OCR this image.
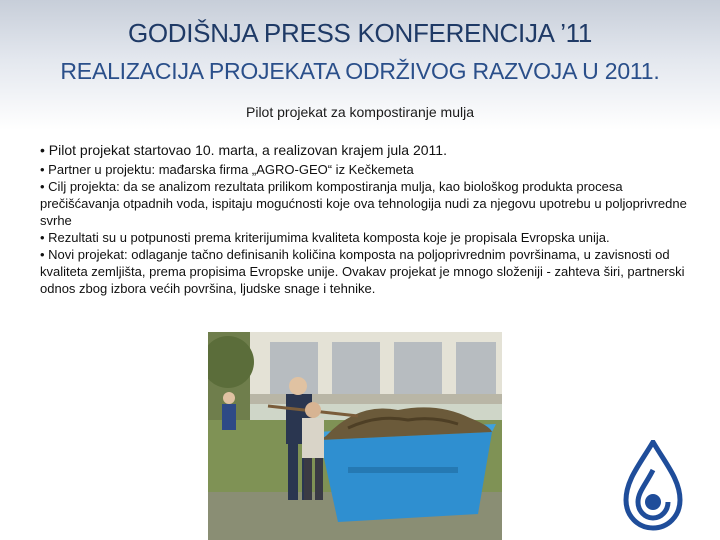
GODIŠNJA PRESS KONFERENCIJA ’11
REALIZACIJA PROJEKATA ODRŽIVOG RAZVOJA U 2011.
Pilot projekat za kompostiranje mulja

• Pilot projekat startovao 10. marta, a realizovan krajem jula 2011.

• Partner u projektu: mađarska firma „AGRO-GEO“ iz Kečkemeta

• Cilj projekta: da se analizom rezultata prilikom kompostiranja mulja, kao biološkog produkta procesa prečišćavanja otpadnih voda, ispitaju mogućnosti koje ova tehnologija nudi za njegovu upotrebu u poljoprivredne svrhe

• Rezultati su u potpunosti prema kriterijumima kvaliteta komposta koje je propisala Evropska unija.

• Novi projekat: odlaganje tačno definisanih količina komposta na poljoprivrednim površinama, u zavisnosti od kvaliteta zemljišta, prema propisima Evropske unije. Ovakav projekat je mnogo složeniji - zahteva širi, partnerski odnos zbog izbora većih površina, ljudske snage i tehnike.
